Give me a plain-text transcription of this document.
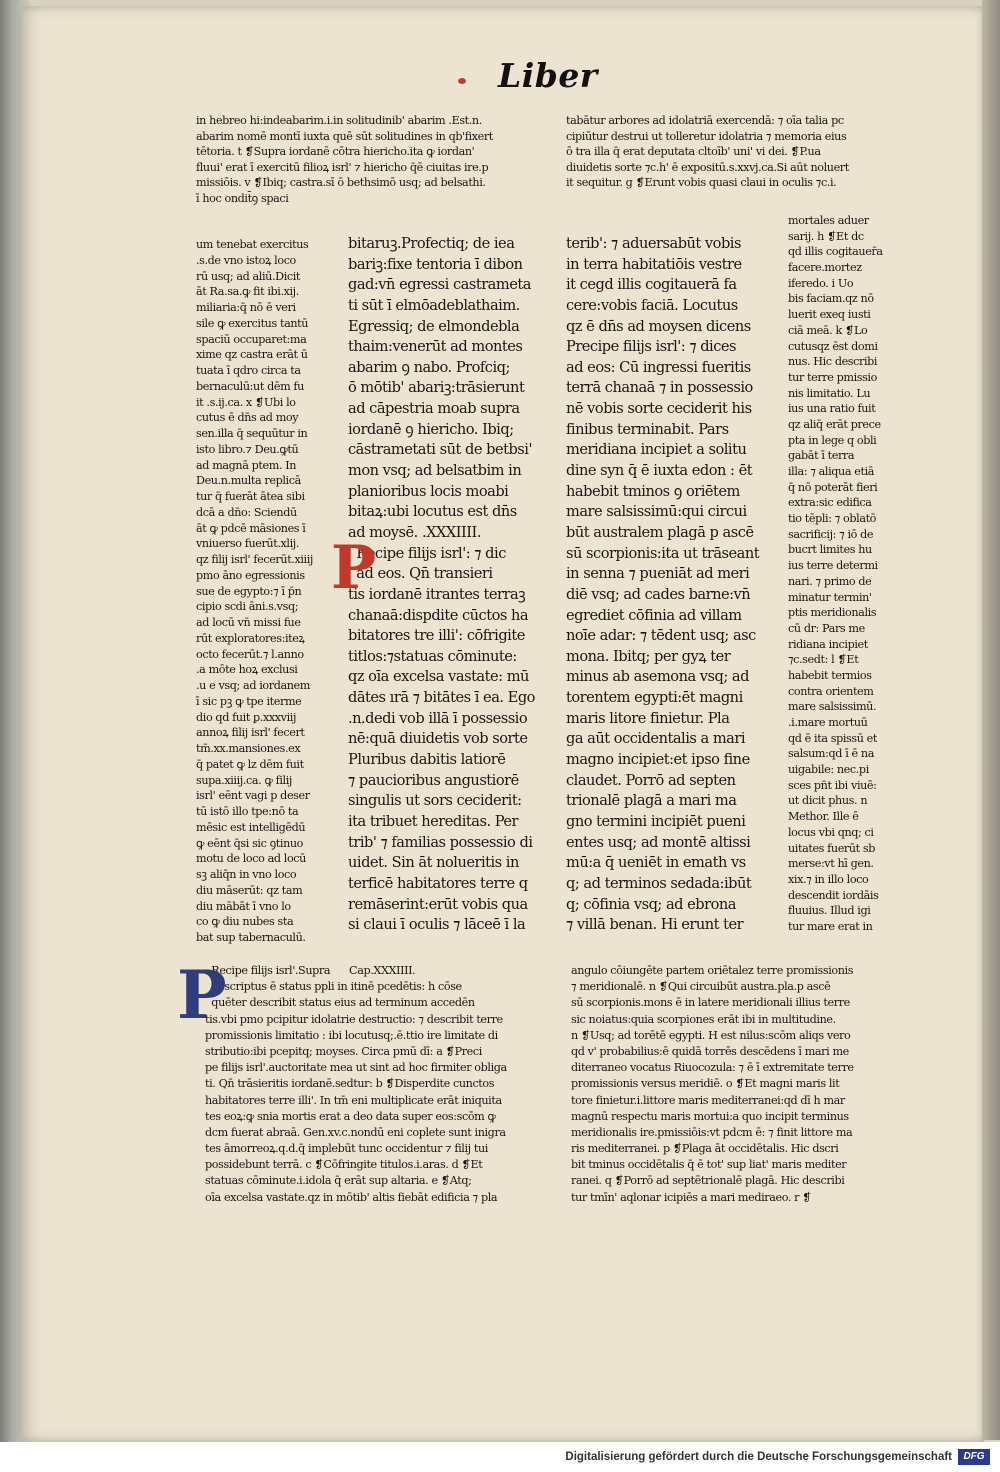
Liber
in hebreo hi:indeabarim.i.in solitudinib' abarim .Est.n.
abarim nomē montī iuxta quē sūt solitudines in qb'fixert
tētoria. t ❡Supra iordanē cōtra hiericho.ita ꝙ iordan'
fluui' erat ī exercitū filioꝝ isrl' ⁊ hiericho q̄ē ciuitas ire.p
missiōis. v ❡Ibiq; castra.sī ō bethsimō usq; ad belsathi.
ī hoc ondit̄ꝯ spaci
tabātur arbores ad idolatriā exercendā: ⁊ oīa talia pc
cipiūtur destrui ut tolleretur idolatria ⁊ memoria eius
ō tra illa q̄ erat deputata cltoīb' uni' vi dei. ❡P.ua
diuidetis sorte ⁊c.h' ē expositū.s.xxvj.ca.Si aūt noluert
it sequitur. g ❡Erunt vobis quasi claui in oculis ⁊c.i.
um tenebat exercitus
.s.de vno istoꝝ loco
rū usq; ad aliū.Dicit
āt Ra.sa.ꝙ fit ibi.xij.
miliaria:q̄ nō ē veri
sile ꝙ exercitus tantū
spaciū occuparet:ma
xime qz castra erāt ū
tuata ī qdro circa ta
bernaculū:ut dēm fu
it .s.ij.ca. x ❡Ubi lo
cutus ē dn̄s ad moy
sen.illa q̄ sequūtur in
isto libro.⁊ Deu.ꝙtū
ad magnā ptem. In
Deu.n.multa replicā
tur q̄ fuerāt ātea sibi
dcā a dn̄o: Sciendū
āt ꝙ pdcē māsiones ī
vniuerso fuerūt.xlij.
qz filij isrl' fecerūt.xiiij
pmo āno egressionis
sue de egypto:⁊ ī p̄n
cipio scdi āni.s.vsq;
ad locū vn̄ missi fue
rūt exploratores:iteꝝ
octo fecerūt.⁊ l.anno
.a mōte hoꝝ exclusi
.u e vsq; ad iordanem
ī sic pꝫ ꝙ tpe iterme
dio qd fuit ꝑ.xxxviij
annoꝝ filij isrl' fecert
tm̄.xx.mansiones.ex
q̄ patet ꝙ lz dēm fuit
supa.xiiij.ca. ꝙ filij
isrl' eēnt vagi p deser
tū istō illo tpe:nō ta
mēsic est intelligēdū
ꝙ eēnt q̄si sic ꝯtinuo
motu de loco ad locū
sꝫ aliq̄n in vno loco
diu māserūt: qz tam
diu mābāt ī vno lo
co ꝙ diu nubes sta
bat sup tabernaculū.
bitaruꝫ.Profectiq; de iea
bariꝫ:fixe tentoria ī dibon
gad:vn̄ egressi castrameta
ti sūt ī elmōadeblathaim.
Egressiq; de elmondebla
thaim:venerūt ad montes
abarim ꝯ nabo. Profciq;
ō mōtib' abariꝫ:trāsierunt
ad cāpestria moab supra
iordanē ꝯ hiericho. Ibiq;
cāstrametati sūt de betbsi'
mon vsq; ad belsatbim in
planioribus locis moabi
bitaꝝ:ubi locutus est dn̄s
ad moysē. .XXXIIII.
Recipe filijs isrl': ⁊ dic
ad eos. Qn̄ transieri
tis iordanē itrantes terraꝫ
chanaā:dispdite cūctos ha
bitatores tre illi': cōfrigite
titlos:⁊statuas cōminute:
qz oīa excelsa vastate: mū
dātes ırā ⁊ bitātes ī ea. Ego
.n.dedi vob illā ī possessio
nē:quā diuidetis vob sorte
Pluribus dabitis latiorē
⁊ paucioribus angustiorē
singulis ut sors ceciderit:
ita tribuet hereditas. Per
trib' ⁊ familias possessio di
uidet. Sin āt nolueritis in
terficē habitatores terre q
remāserint:erūt vobis qua
si claui ī oculis ⁊ lāceē ī la
terib': ⁊ aduersabūt vobis
in terra habitatiōis vestre
it cegd illis cogitauerā fa
cere:vobis faciā. Locutus
qz ē dn̄s ad moysen dicens
Precipe filijs isrl': ⁊ dices
ad eos: Cū ingressi fueritis
terrā chanaā ⁊ in possessio
nē vobis sorte ceciderit his
finibus terminabit. Pars
meridiana incipiet a solitu
dine syn q̄ ē iuxta edon : ēt
habebit tminos ꝯ oriētem
mare salsissimū:qui circui
būt australem plagā p ascē
sū scorpionis:ita ut trāseant
in senna ⁊ pueniāt ad meri
diē vsq; ad cades barne:vn̄
egrediet cōfinia ad villam
noīe adar: ⁊ tēdent usq; asc
mona. Ibitq; per gyꝝ ter
minus ab asemona vsq; ad
torentem egypti:ēt magni
maris litore finietur. Pla
ga aūt occidentalis a mari
magno incipiet:et ipso fine
claudet. Porrō ad septen
trionalē plagā a mari ma
gno termini incipiēt pueni
entes usq; ad montē altissi
mū:a q̄ ueniēt in emath vs
q; ad terminos sedada:ibūt
q; cōfinia vsq; ad ebrona
⁊ villā benan. Hi erunt ter
mortales aduer
sarij. h ❡Et dc
qd illis cogitauer̄a
facere.mortez
iferedo. i Uo
bis faciam.qz nō
luerit exeq iusti
ciā meā. k ❡Lo
cutusqz ēst domi
nus. Hic describi
tur terre pmissio
nis limitatio. Lu
ius una ratio fuit
qz aliq̄ erāt prece
pta in lege q obli
gabāt ī terra
illa: ⁊ aliqua etiā
q̄ nō poterāt fieri
extra:sic edifica
tio tēpli: ⁊ oblatō
sacrificij: ⁊ iō de
bucrt limites hu
ius terre determi
nari. ⁊ primo de
minatur termin'
ptis meridionalis
cū dr: Pars me
ridiana incipiet
⁊c.sedt: l ❡Et
habebit termios
contra orientem
mare salsissimū.
.i.mare mortuū
qd ē ita spissū et
salsum:qd ī ē na
uigabile: nec.pi
sces pn̄t ibi viuē:
ut dicit phus. n
Methor. Ille ē
locus vbi qnq; ci
uitates fuerūt sb
merse:vt hī gen.
xix.⁊ in illo loco
descendit iordāis
fluuius. Illud igi
tur mare erat in
Recipe filijs isrl'.Supra      Cap.XXXIIII.
descriptus ē status ppli in itinē pcedētis: h cōse
quēter describit status eius ad terminum accedēn
tis.vbi pmo pcipitur idolatrie destructio: ⁊ describit terre
promissionis limitatio : ibi locutusq;.ē.ttio ire limitate di
stributio:ibi pcepitq; moyses. Circa pmū dī: a ❡Preci
pe filijs isrl'.auctoritate mea ut sint ad hoc firmiter obliga
ti. Qn̄ trāsieritis iordanē.sedtur: b ❡Disperdite cunctos
habitatores terre illi'. In tm̄ eni multiplicate erāt iniquita
tes eoꝝ:ꝙ snia mortis erat a deo data super eos:scōm ꝙ
dcm fuerat abraā. Gen.xv.c.nondū eni coplete sunt inigra
tes āmorreoꝝ.q.d.q̄ implebūt tunc occidentur ⁊ filij tui
possidebunt terrā. c ❡Cōfringite titulos.i.aras. d ❡Et
statuas cōminute.i.idola q̄ erāt sup altaria. e ❡Atq;
oīa excelsa vastate.qz in mōtib' altis fiebāt edificia ⁊ pla
angulo cōiungēte partem oriētalez terre promissionis
⁊ meridionalē. n ❡Qui circuibūt austra.pla.p ascē
sū scorpionis.mons ē in latere meridionali illius terre
sic noiatus:quia scorpiones erāt ibi in multitudine.
n ❡Usq; ad torētē egypti. H est nilus:scōm aliqs vero
qd v' probabilius:ē quidā torrēs descēdens ī mari me
diterraneo vocatus Riuocozula: ⁊ ē ī extremitate terre
promissionis versus meridiē. o ❡Et magni maris lit
tore finietur.i.littore maris mediterranei:qd dī h mar
magnū respectu maris mortui:a quo incipit terminus
meridionalis ire.pmissiōis:vt pdcm ē: ⁊ finit littore ma
ris mediterranei. p ❡Plaga āt occidētalis. Hic dscri
bit tminus occidētalis q̄ ē tot' sup liat' maris mediter
ranei. q ❡Porrō ad septētrionalē plagā. Hic describi
tur tmīn' aqlonar icipiēs a mari mediraeo. r ❡
P
P
Digitalisierung gefördert durch die Deutsche Forschungsgemeinschaft	DFG
